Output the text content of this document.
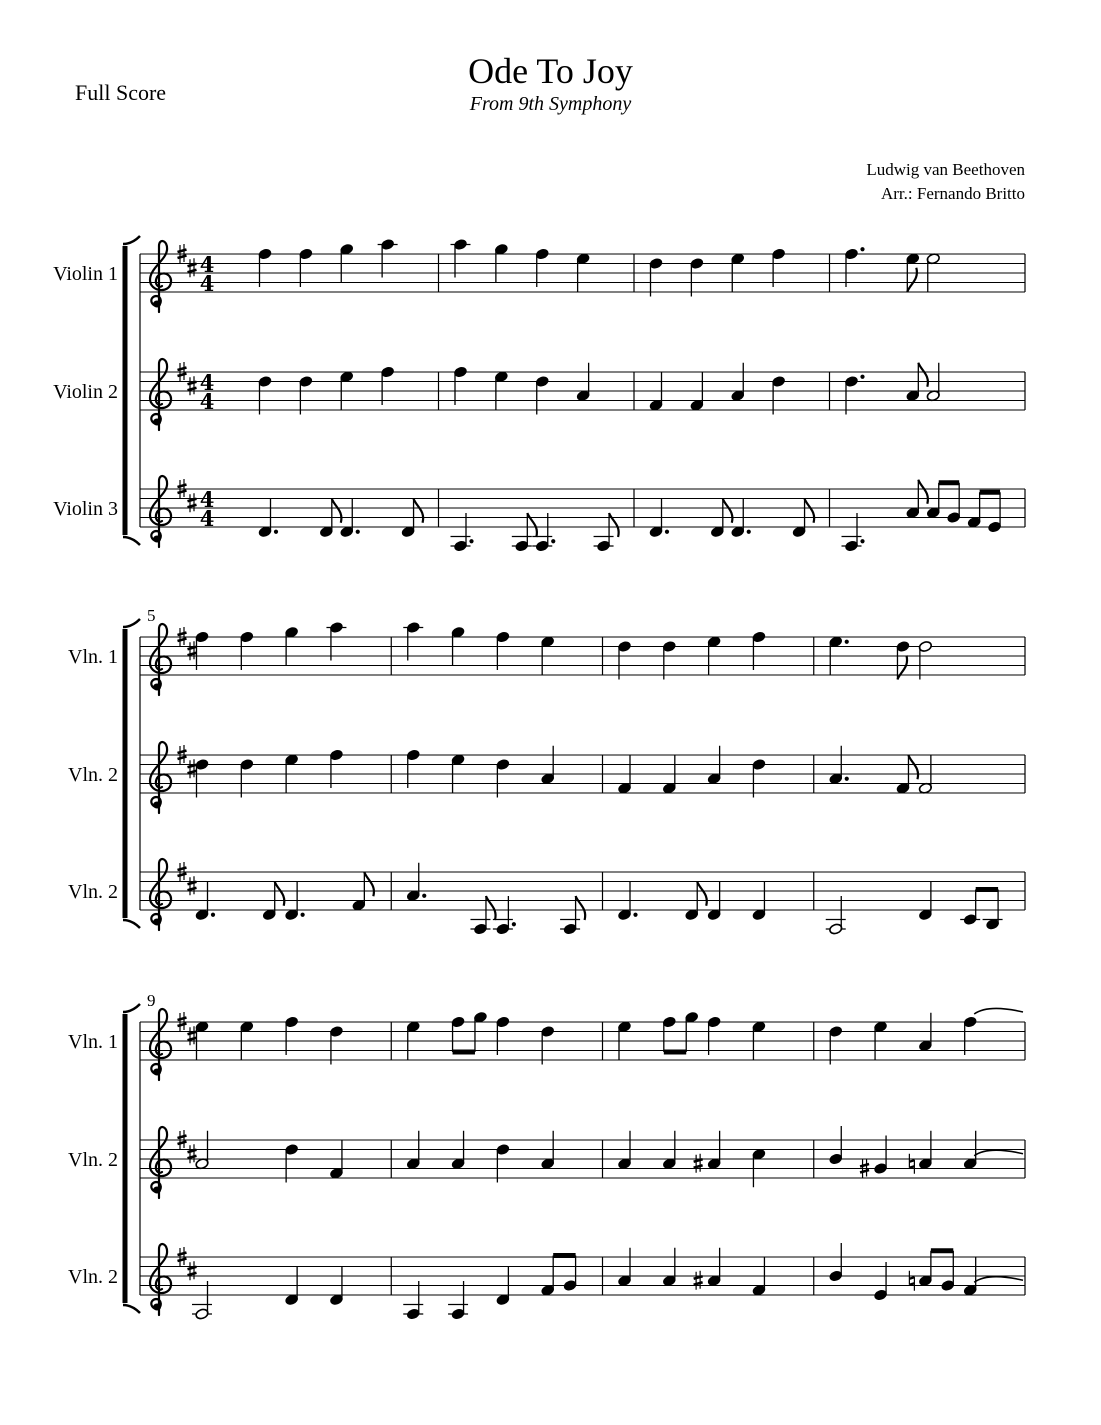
Ode To Joy
From 9th Symphony
Full Score
Ludwig van Beethoven
Arr.: Fernando Britto
Violin 1	4
4
Violin 2	4
4
Violin 3	4
4
5
Vln. 1
Vln. 2
Vln. 2
9
Vln. 1
Vln. 2
Vln. 2
